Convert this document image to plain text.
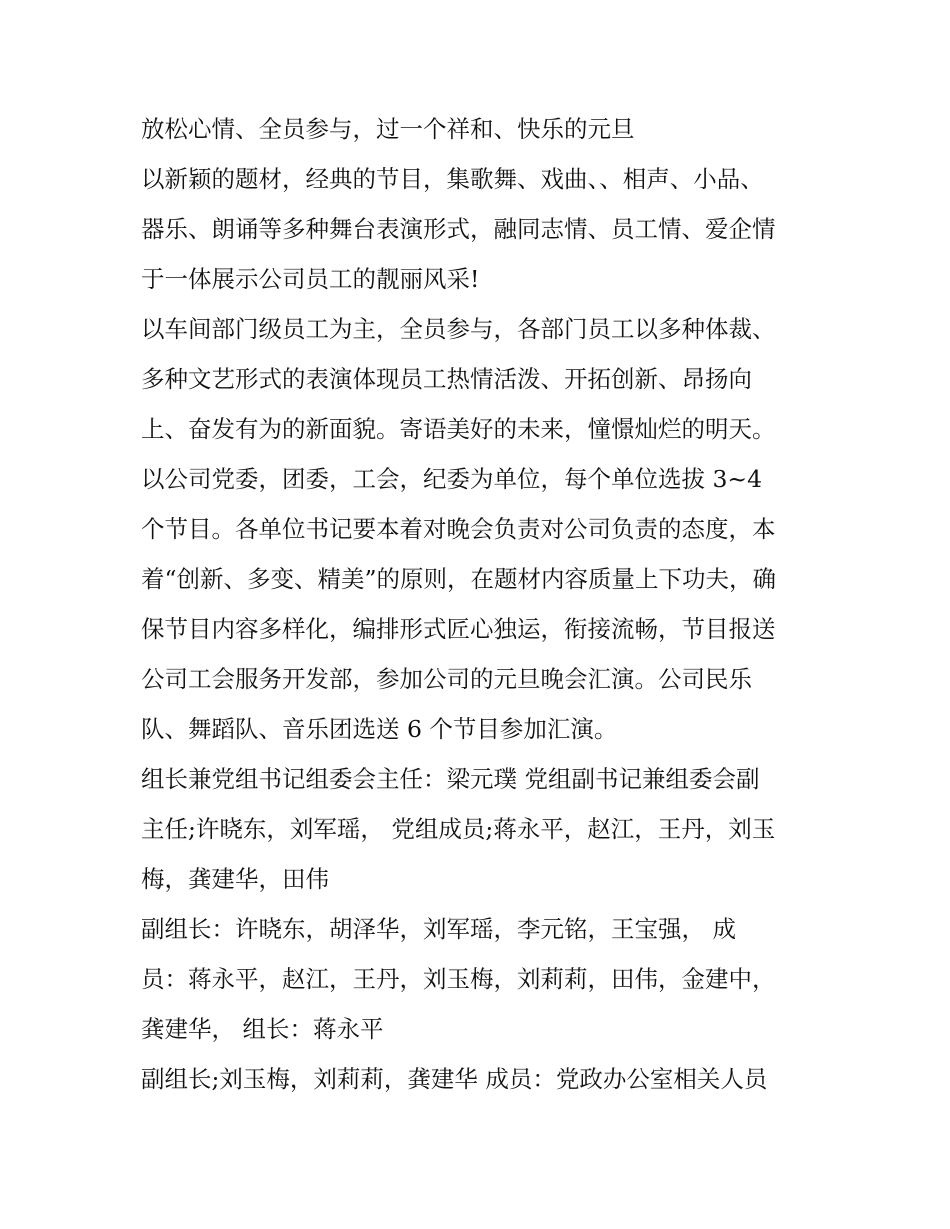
放松心情、全员参与，过一个祥和、快乐的元旦
以新颖的题材，经典的节目，集歌舞、戏曲、、相声、小品、
器乐、朗诵等多种舞台表演形式，融同志情、员工情、爱企情
于一体展示公司员工的靓丽风采!
以车间部门级员工为主，全员参与，各部门员工以多种体裁、
多种文艺形式的表演体现员工热情活泼、开拓创新、昂扬向
上、奋发有为的新面貌。寄语美好的未来，憧憬灿烂的明天。
以公司党委，团委，工会，纪委为单位，每个单位选拔 3~4
个节目。各单位书记要本着对晚会负责对公司负责的态度，本
着“创新、多变、精美”的原则，在题材内容质量上下功夫，确
保节目内容多样化，编排形式匠心独运，衔接流畅，节目报送
公司工会服务开发部，参加公司的元旦晚会汇演。公司民乐
队、舞蹈队、音乐团选送 6 个节目参加汇演。
组长兼党组书记组委会主任：梁元璞 党组副书记兼组委会副
主任;许晓东，刘军瑶， 党组成员;蒋永平，赵江，王丹，刘玉
梅，龚建华，田伟
副组长：许晓东，胡泽华，刘军瑶，李元铭，王宝强， 成
员：蒋永平，赵江，王丹，刘玉梅，刘莉莉，田伟，金建中，
龚建华， 组长：蒋永平
副组长;刘玉梅，刘莉莉，龚建华 成员：党政办公室相关人员
